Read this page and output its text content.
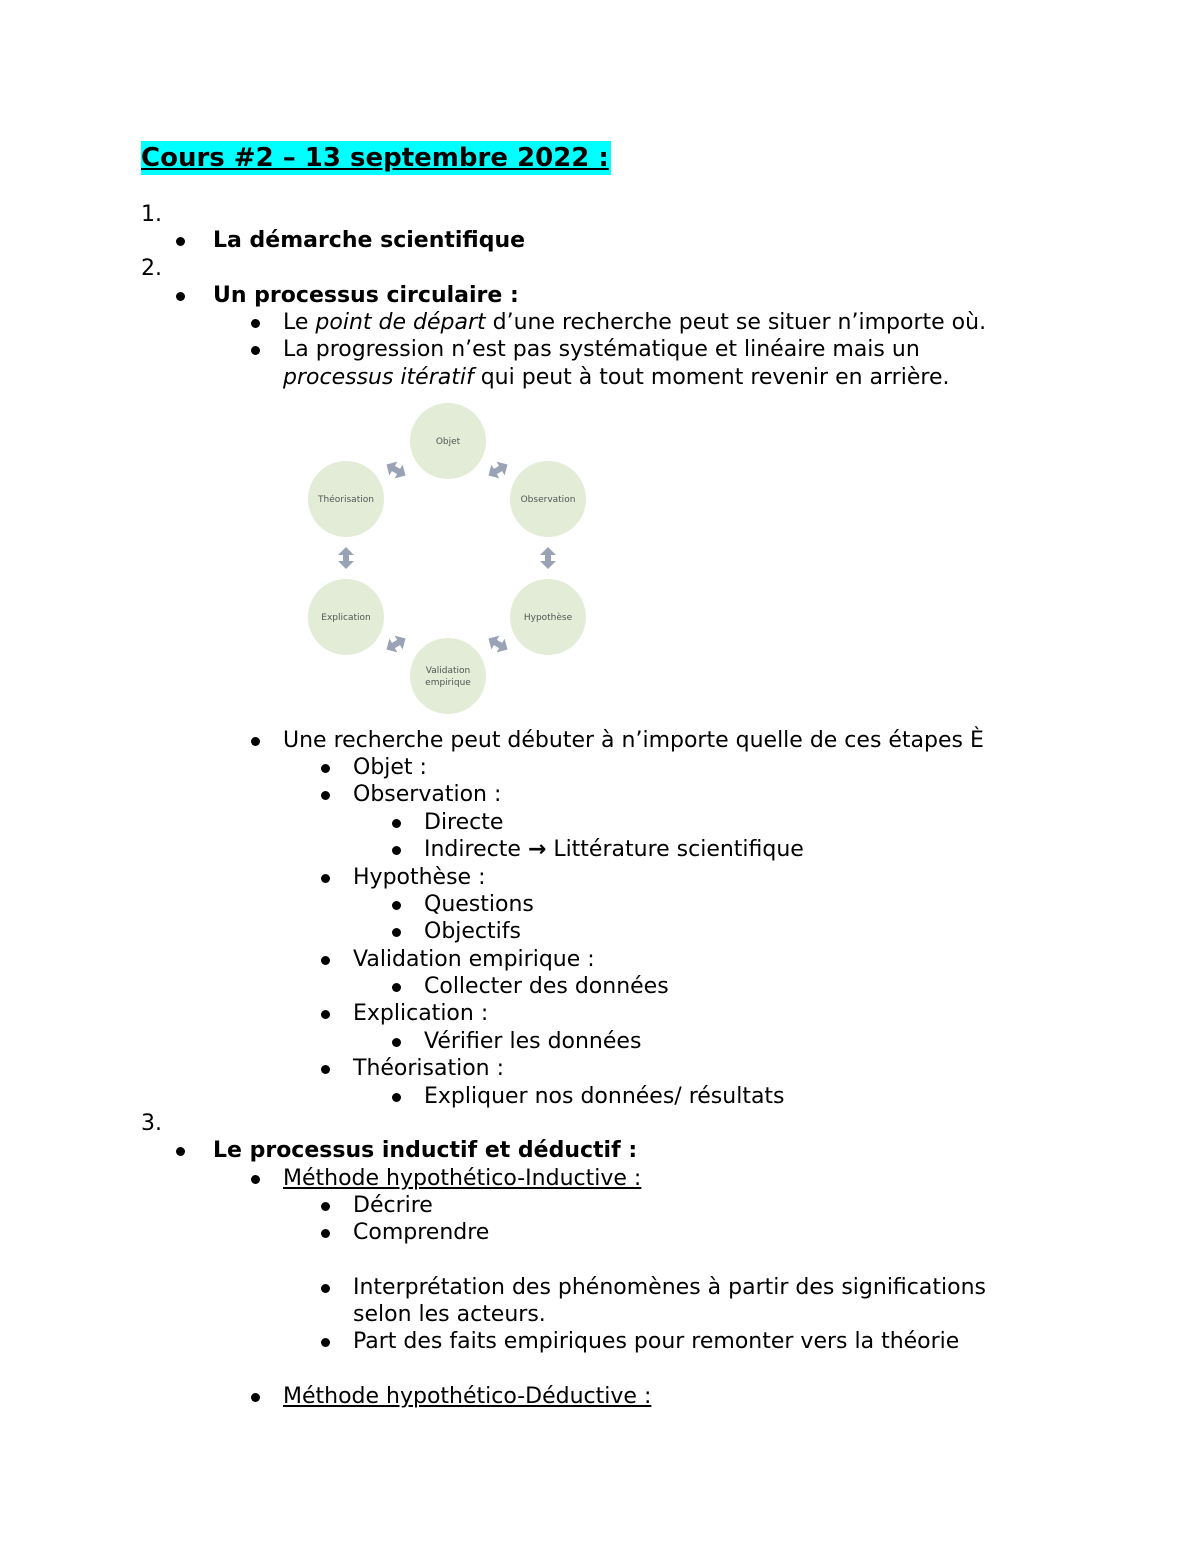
Cours #2 – 13 septembre 2022 :
1.
La démarche scientifique
2.
Un processus circulaire :
Le point de départ d’une recherche peut se situer n’importe où.
La progression n’est pas systématique et linéaire mais un
processus itératif qui peut à tout moment revenir en arrière.
Objet
Observation
Hypothèse
Validation
empirique
Explication
Théorisation
Une recherche peut débuter à n’importe quelle de ces étapes È
Objet :
Observation :
Directe
Indirecte → Littérature scientifique
Hypothèse :
Questions
Objectifs
Validation empirique :
Collecter des données
Explication :
Vérifier les données
Théorisation :
Expliquer nos données/ résultats
3.
Le processus inductif et déductif :
Méthode hypothético-Inductive :
Décrire
Comprendre
Interprétation des phénomènes à partir des significations
selon les acteurs.
Part des faits empiriques pour remonter vers la théorie
Méthode hypothético-Déductive :
